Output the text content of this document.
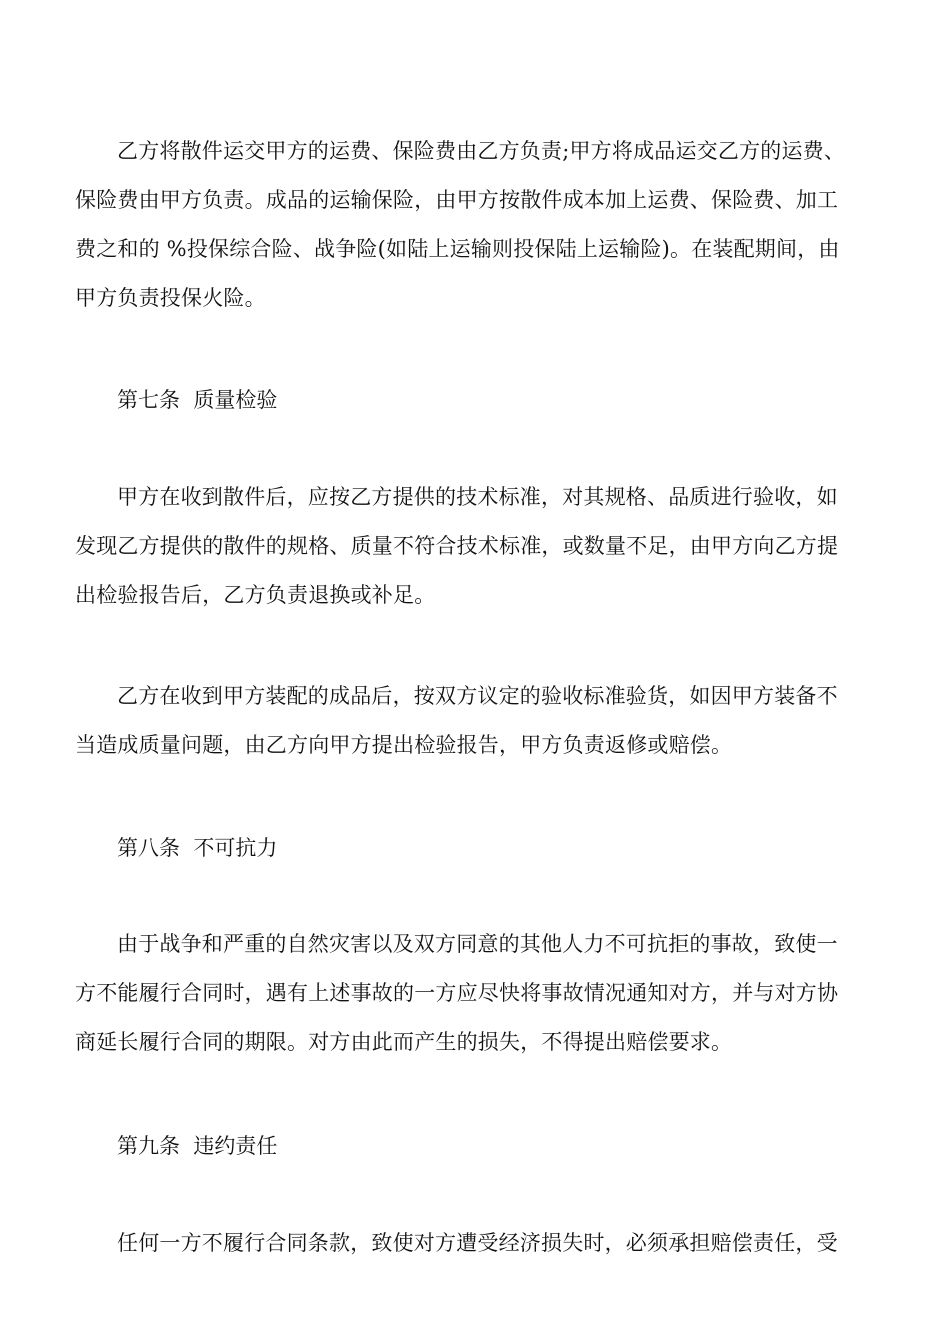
乙方将散件运交甲方的运费、保险费由乙方负责;甲方将成品运交乙方的运费、
保险费由甲方负责。成品的运输保险，由甲方按散件成本加上运费、保险费、加工
费之和的 %投保综合险、战争险(如陆上运输则投保陆上运输险)。在装配期间，由
甲方负责投保火险。
第七条  质量检验
甲方在收到散件后，应按乙方提供的技术标准，对其规格、品质进行验收，如
发现乙方提供的散件的规格、质量不符合技术标准，或数量不足，由甲方向乙方提
出检验报告后，乙方负责退换或补足。
乙方在收到甲方装配的成品后，按双方议定的验收标准验货，如因甲方装备不
当造成质量问题，由乙方向甲方提出检验报告，甲方负责返修或赔偿。
第八条  不可抗力
由于战争和严重的自然灾害以及双方同意的其他人力不可抗拒的事故，致使一
方不能履行合同时，遇有上述事故的一方应尽快将事故情况通知对方，并与对方协
商延长履行合同的期限。对方由此而产生的损失，不得提出赔偿要求。
第九条  违约责任
任何一方不履行合同条款，致使对方遭受经济损失时，必须承担赔偿责任，受
